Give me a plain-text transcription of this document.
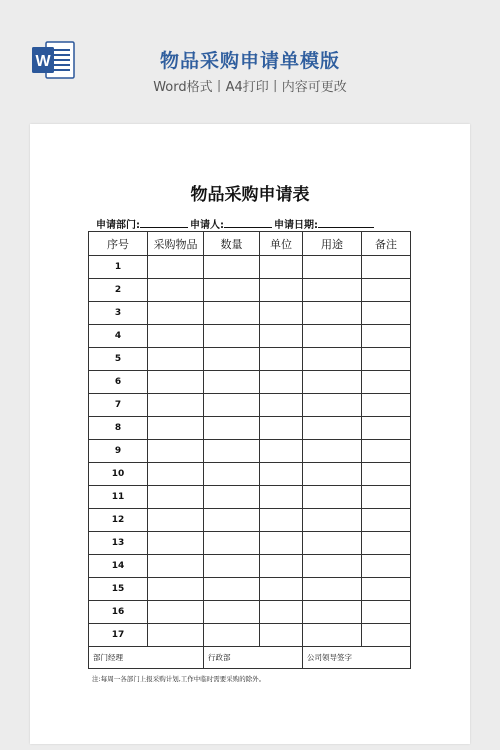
W	物品采购申请单模版
Word格式丨A4打印丨内容可更改
物品采购申请表
申请部门:	申请人:	申请日期:
序号	采购物品	数量	单位	用途	备注
1					
2					
3					
4					
5					
6					
7					
8					
9					
10					
11					
12					
13					
14					
15					
16					
17					
部门经理		行政部		公司领导签字	
注:每周一各部门上报采购计划,工作中临时需要采购的除外。
